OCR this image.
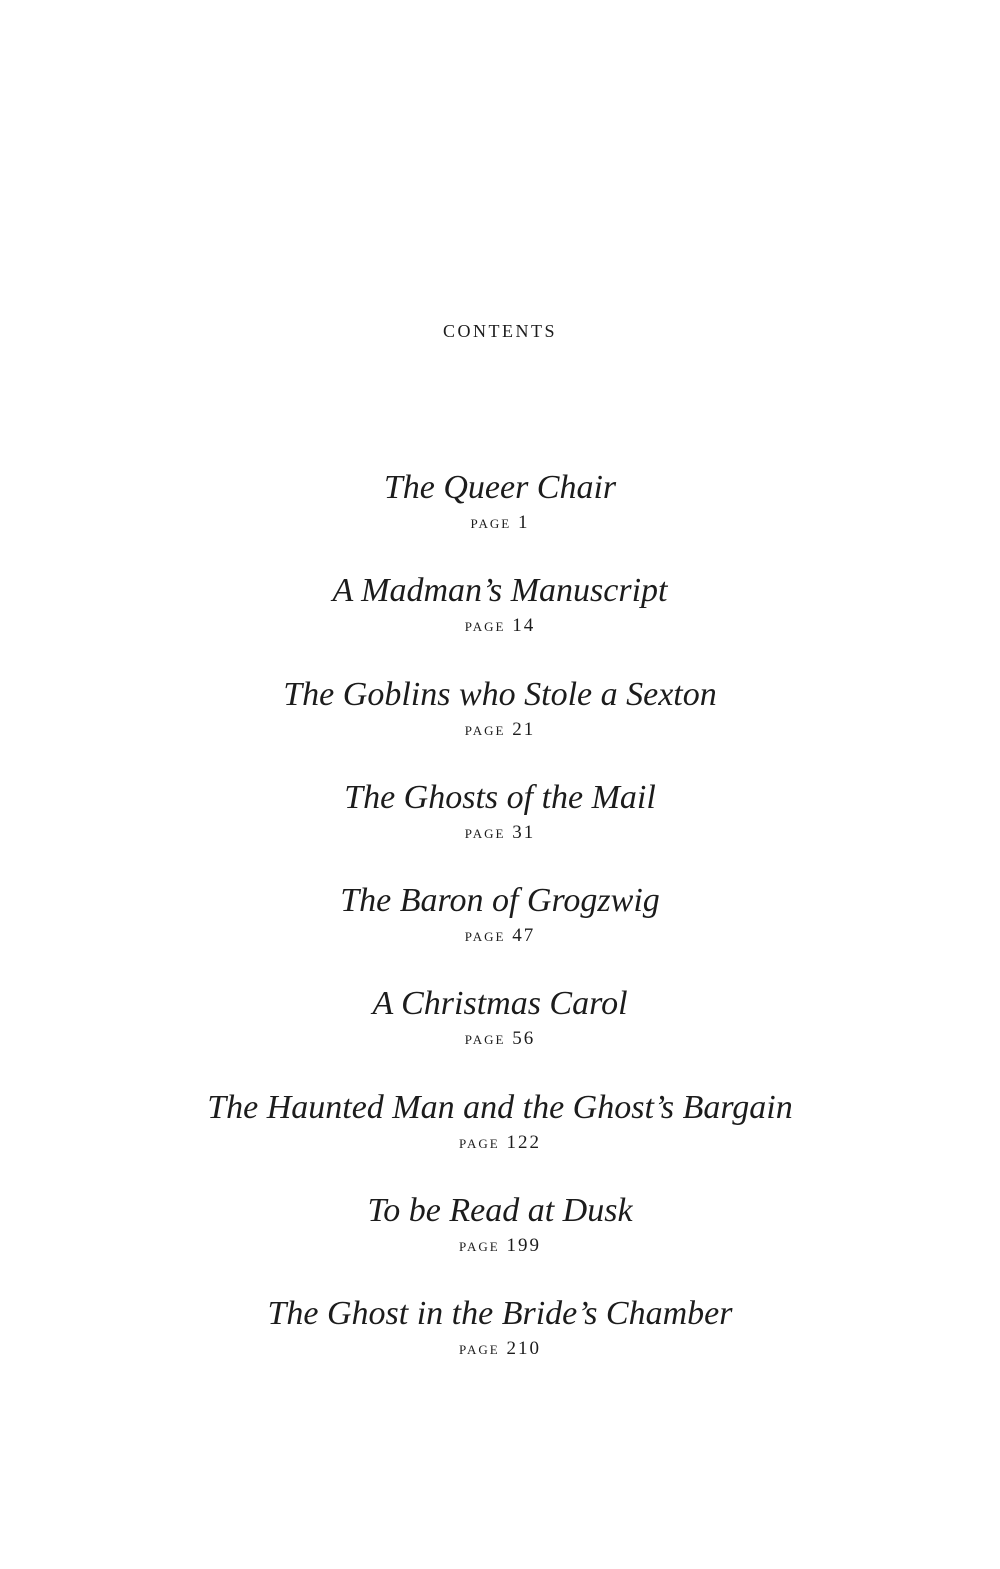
contents
The Queer Chair
page 1
A Madman’s Manuscript
page 14
The Goblins who Stole a Sexton
page 21
The Ghosts of the Mail
page 31
The Baron of Grogzwig
page 47
A Christmas Carol
page 56
The Haunted Man and the Ghost’s Bargain
page 122
To be Read at Dusk
page 199
The Ghost in the Bride’s Chamber
page 210
